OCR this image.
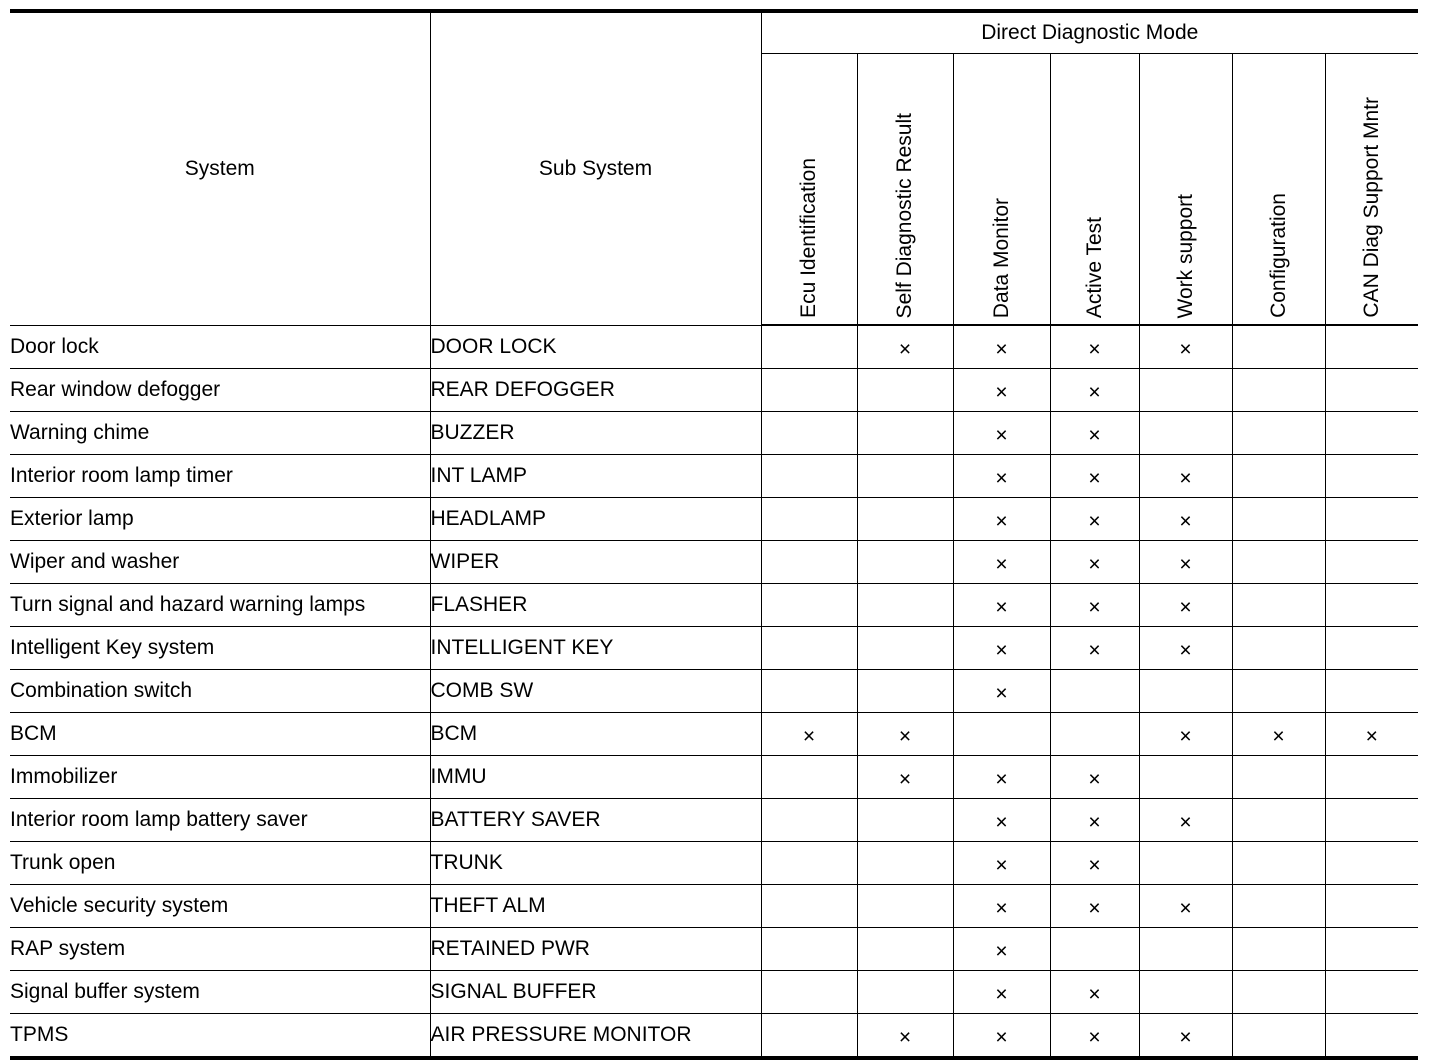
System	Sub System	Direct Diagnostic Mode						
		Ecu Identification	Self Diagnostic Result	Data Monitor	Active Test	Work support	Configuration	CAN Diag Support Mntr
Door lock	DOOR LOCK		×	×	×	×		
Rear window defogger	REAR DEFOGGER			×	×			
Warning chime	BUZZER			×	×			
Interior room lamp timer	INT LAMP			×	×	×		
Exterior lamp	HEADLAMP			×	×	×		
Wiper and washer	WIPER			×	×	×		
Turn signal and hazard warning lamps	FLASHER			×	×	×		
Intelligent Key system	INTELLIGENT KEY			×	×	×		
Combination switch	COMB SW			×				
BCM	BCM	×	×			×	×	×
Immobilizer	IMMU		×	×	×			
Interior room lamp battery saver	BATTERY SAVER			×	×	×		
Trunk open	TRUNK			×	×			
Vehicle security system	THEFT ALM			×	×	×		
RAP system	RETAINED PWR			×				
Signal buffer system	SIGNAL BUFFER			×	×			
TPMS	AIR PRESSURE MONITOR		×	×	×	×		
